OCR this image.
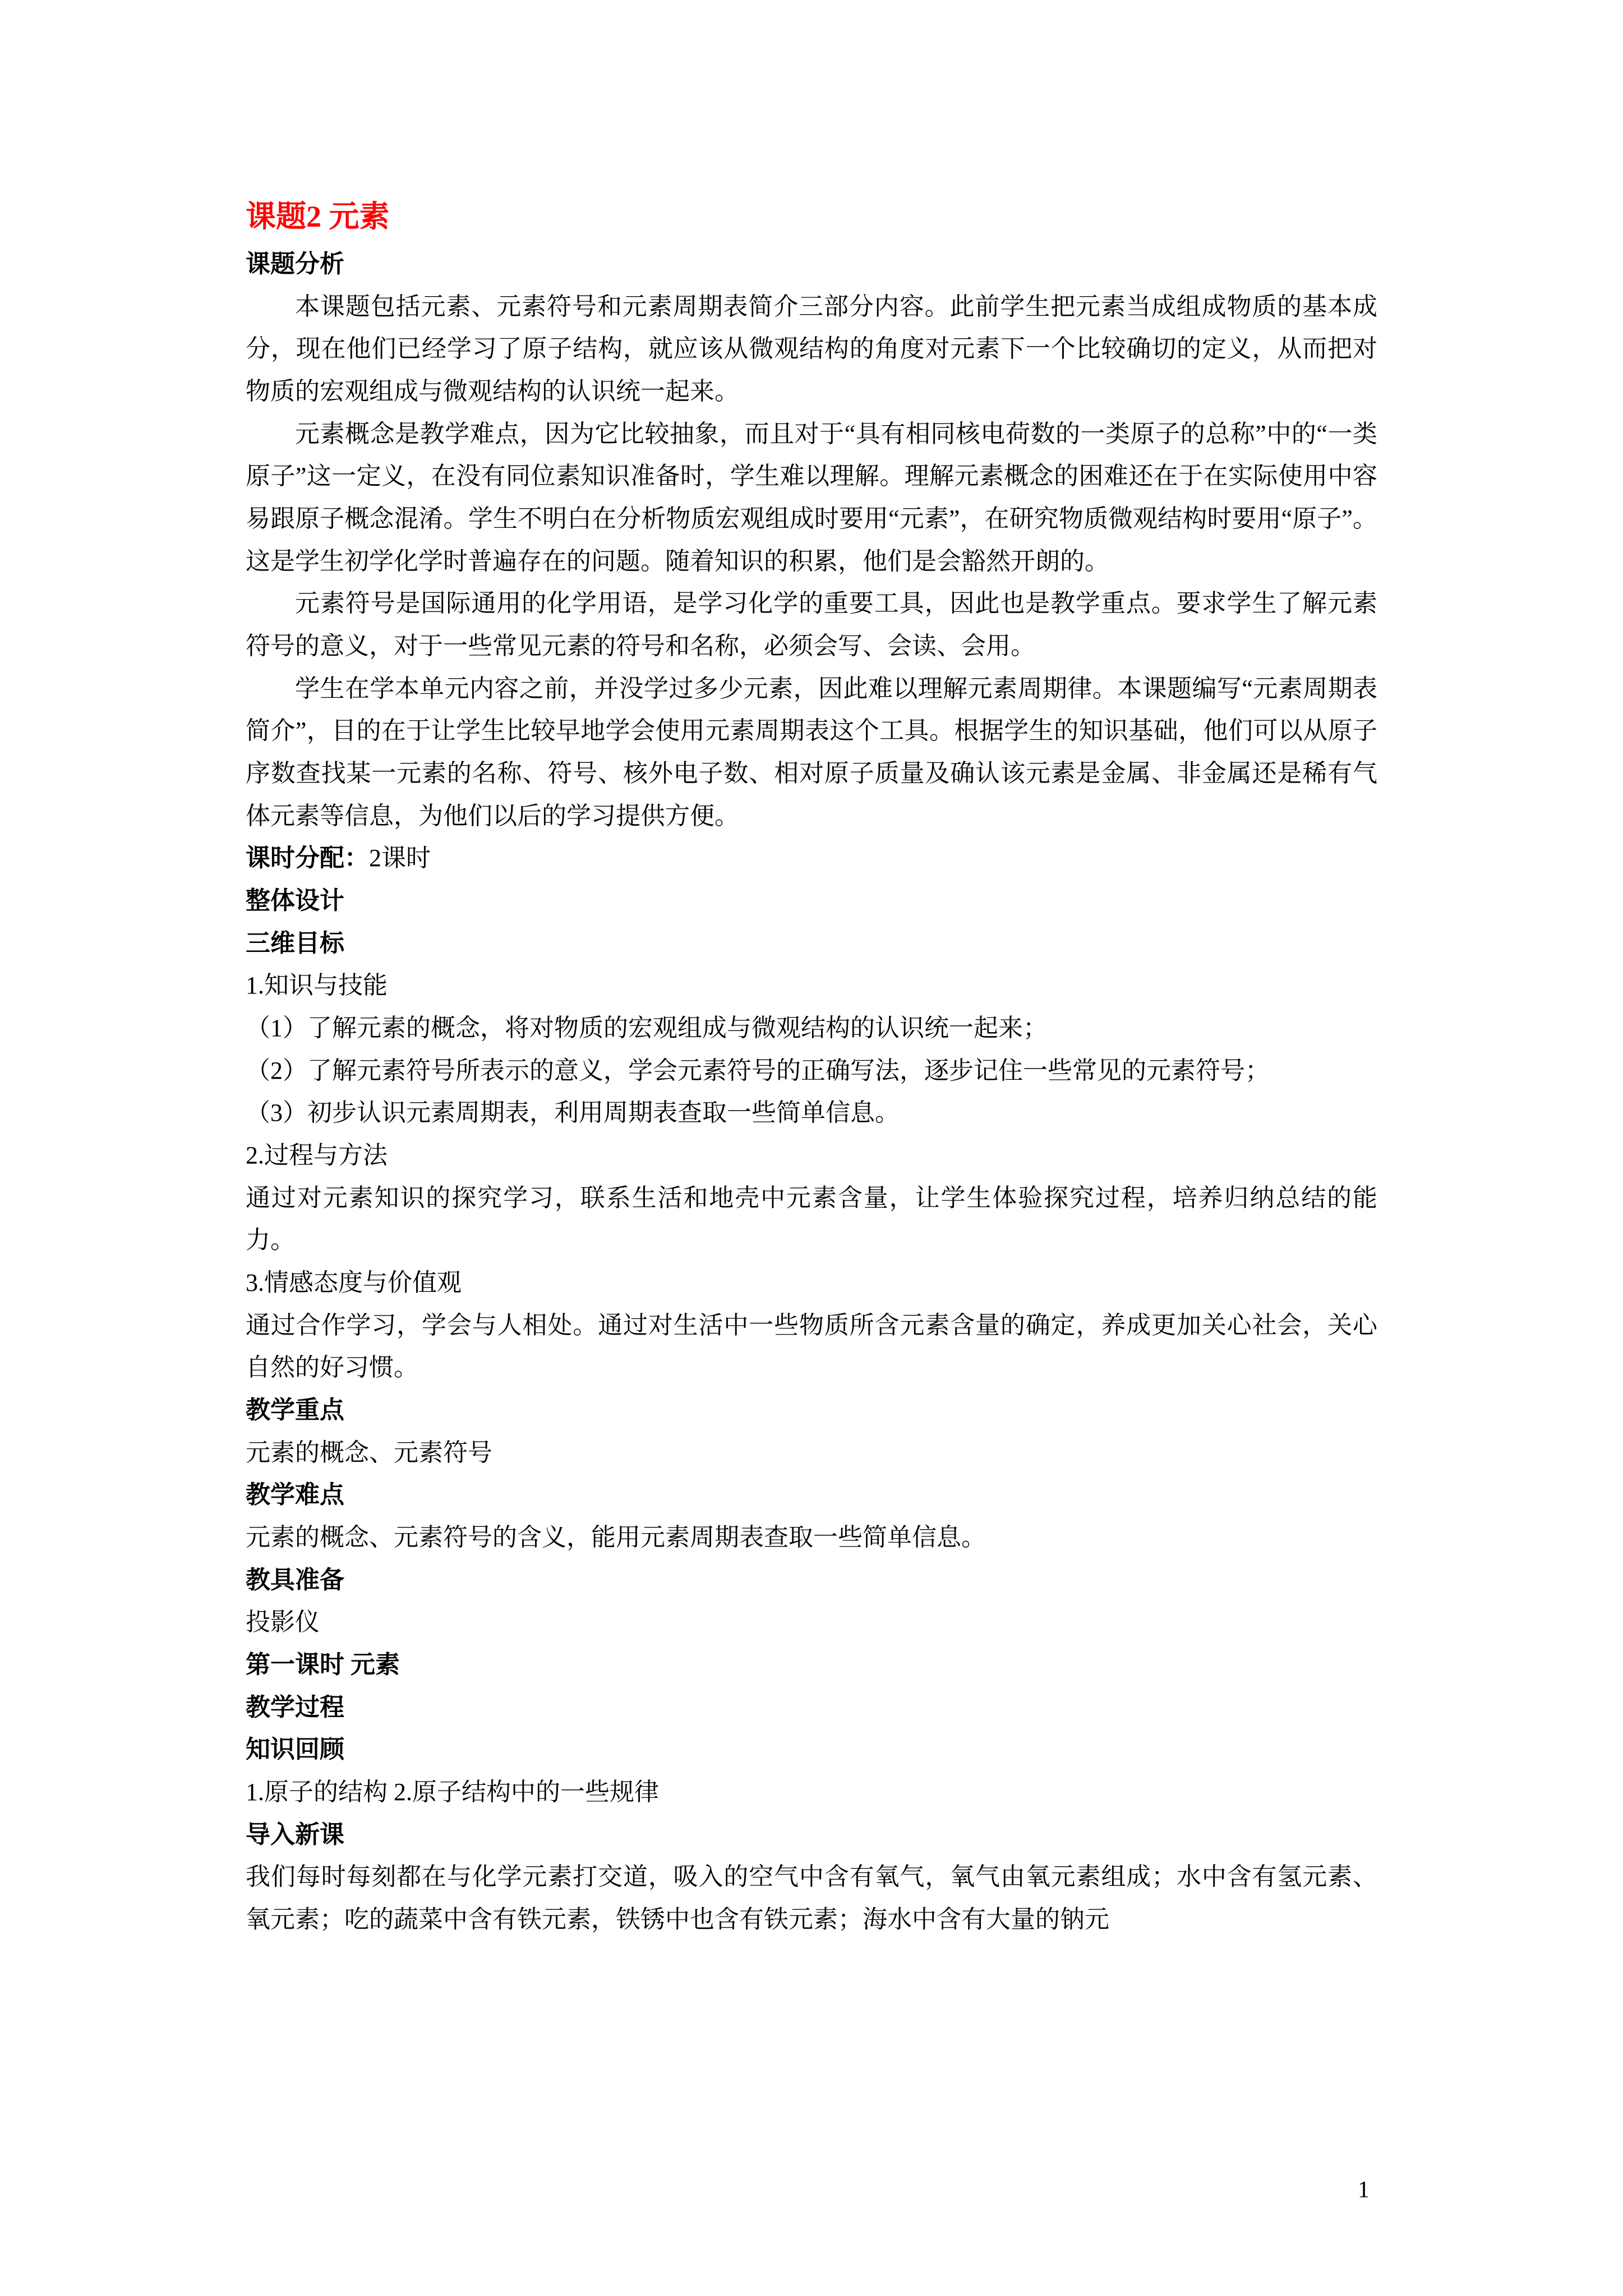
课题2 元素

课题分析

本课题包括元素、元素符号和元素周期表简介三部分内容。此前学生把元素当成组成物质的基本成分，现在他们已经学习了原子结构，就应该从微观结构的角度对元素下一个比较确切的定义，从而把对物质的宏观组成与微观结构的认识统一起来。

元素概念是教学难点，因为它比较抽象，而且对于“具有相同核电荷数的一类原子的总称”中的“一类原子”这一定义，在没有同位素知识准备时，学生难以理解。理解元素概念的困难还在于在实际使用中容易跟原子概念混淆。学生不明白在分析物质宏观组成时要用“元素”，在研究物质微观结构时要用“原子”。这是学生初学化学时普遍存在的问题。随着知识的积累，他们是会豁然开朗的。

元素符号是国际通用的化学用语，是学习化学的重要工具，因此也是教学重点。要求学生了解元素符号的意义，对于一些常见元素的符号和名称，必须会写、会读、会用。

学生在学本单元内容之前，并没学过多少元素，因此难以理解元素周期律。本课题编写“元素周期表简介”，目的在于让学生比较早地学会使用元素周期表这个工具。根据学生的知识基础，他们可以从原子序数查找某一元素的名称、符号、核外电子数、相对原子质量及确认该元素是金属、非金属还是稀有气体元素等信息，为他们以后的学习提供方便。

课时分配：2课时

整体设计

三维目标

1.知识与技能

（1）了解元素的概念，将对物质的宏观组成与微观结构的认识统一起来；

（2）了解元素符号所表示的意义，学会元素符号的正确写法，逐步记住一些常见的元素符号；

（3）初步认识元素周期表，利用周期表查取一些简单信息。

2.过程与方法

通过对元素知识的探究学习，联系生活和地壳中元素含量，让学生体验探究过程，培养归纳总结的能力。

3.情感态度与价值观

通过合作学习，学会与人相处。通过对生活中一些物质所含元素含量的确定，养成更加关心社会，关心自然的好习惯。

教学重点

元素的概念、元素符号

教学难点

元素的概念、元素符号的含义，能用元素周期表查取一些简单信息。

教具准备

投影仪

第一课时 元素

教学过程

知识回顾

1.原子的结构 2.原子结构中的一些规律

导入新课

我们每时每刻都在与化学元素打交道，吸入的空气中含有氧气，氧气由氧元素组成；水中含有氢元素、氧元素；吃的蔬菜中含有铁元素，铁锈中也含有铁元素；海水中含有大量的钠元

1
